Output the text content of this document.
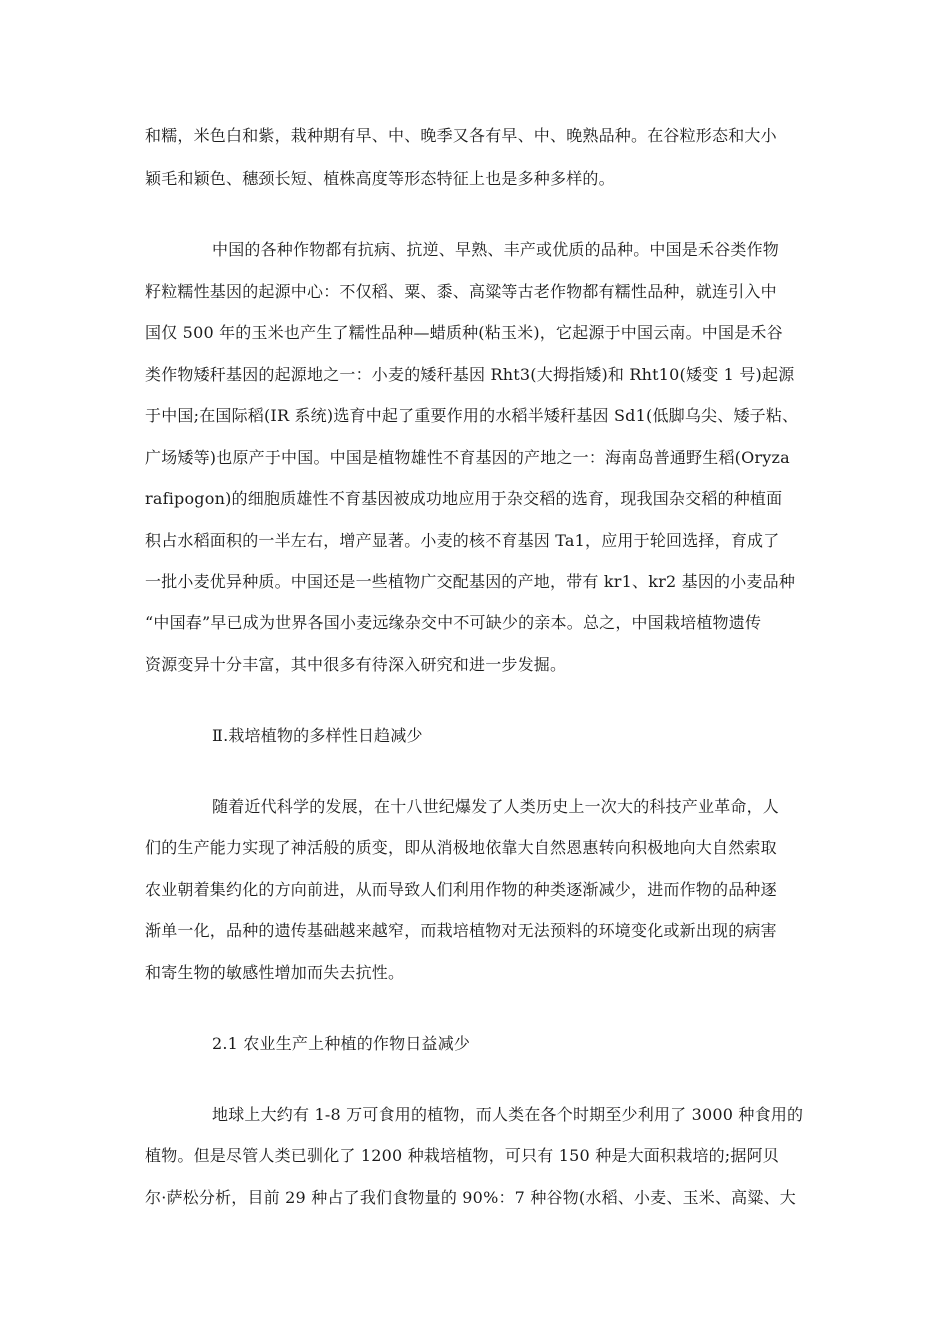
和糯，米色白和紫，栽种期有早、中、晚季又各有早、中、晚熟品种。在谷粒形态和大小
颖毛和颖色、穗颈长短、植株高度等形态特征上也是多种多样的。
中国的各种作物都有抗病、抗逆、早熟、丰产或优质的品种。中国是禾谷类作物
籽粒糯性基因的起源中心：不仅稻、粟、黍、高粱等古老作物都有糯性品种，就连引入中
国仅 500 年的玉米也产生了糯性品种—蜡质种(粘玉米)，它起源于中国云南。中国是禾谷
类作物矮秆基因的起源地之一：小麦的矮秆基因 Rht3(大拇指矮)和 Rht10(矮变 1 号)起源
于中国;在国际稻(IR 系统)选育中起了重要作用的水稻半矮秆基因 Sd1(低脚乌尖、矮子粘、
广场矮等)也原产于中国。中国是植物雄性不育基因的产地之一：海南岛普通野生稻(Oryza
rafipogon)的细胞质雄性不育基因被成功地应用于杂交稻的选育，现我国杂交稻的种植面
积占水稻面积的一半左右，增产显著。小麦的核不育基因 Ta1，应用于轮回选择，育成了
一批小麦优异种质。中国还是一些植物广交配基因的产地，带有 kr1、kr2 基因的小麦品种
“中国春”早已成为世界各国小麦远缘杂交中不可缺少的亲本。总之，中国栽培植物遗传
资源变异十分丰富，其中很多有待深入研究和进一步发掘。
Ⅱ.栽培植物的多样性日趋减少
随着近代科学的发展，在十八世纪爆发了人类历史上一次大的科技产业革命，人
们的生产能力实现了神活般的质变，即从消极地依靠大自然恩惠转向积极地向大自然索取
农业朝着集约化的方向前进，从而导致人们利用作物的种类逐渐减少，进而作物的品种逐
渐单一化，品种的遗传基础越来越窄，而栽培植物对无法预料的环境变化或新出现的病害
和寄生物的敏感性增加而失去抗性。
2.1 农业生产上种植的作物日益减少
地球上大约有 1-8 万可食用的植物，而人类在各个时期至少利用了 3000 种食用的
植物。但是尽管人类已驯化了 1200 种栽培植物，可只有 150 种是大面积栽培的;据阿贝
尔·萨松分析，目前 29 种占了我们食物量的 90%：7 种谷物(水稻、小麦、玉米、高粱、大
